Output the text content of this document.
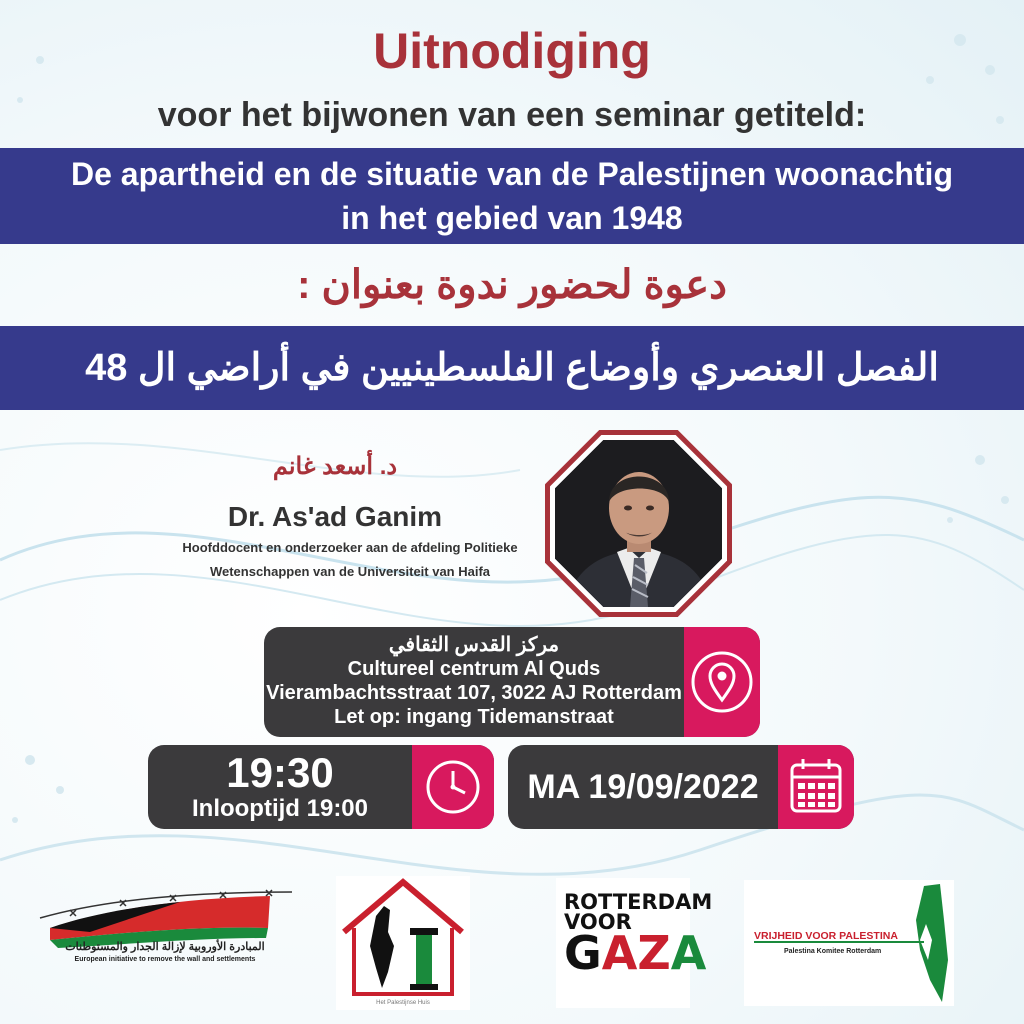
Uitnodiging
voor het bijwonen van een seminar getiteld:
De apartheid en de situatie van de Palestijnen woonachtig
in het gebied van 1948
دعوة لحضور ندوة بعنوان :
الفصل العنصري وأوضاع الفلسطينيين في أراضي ال 48
د. أسعد غانم
Dr. As'ad Ganim
Hoofddocent en onderzoeker aan de afdeling Politieke
Wetenschappen van de Universiteit van Haifa
مركز القدس الثقافي
Cultureel centrum Al Quds
Vierambachtsstraat 107, 3022 AJ Rotterdam
Let op: ingang Tidemanstraat
19:30
Inlooptijd 19:00
MA 19/09/2022
المبادرة الأوروبية لإزالة الجدار والمستوطنات
European initiative to remove the wall and settlements
Het Palestijnse Huis
ROTTERDAM
VOOR
GAZA	VRIJHEID VOOR PALESTINA
Palestina Komitee Rotterdam
